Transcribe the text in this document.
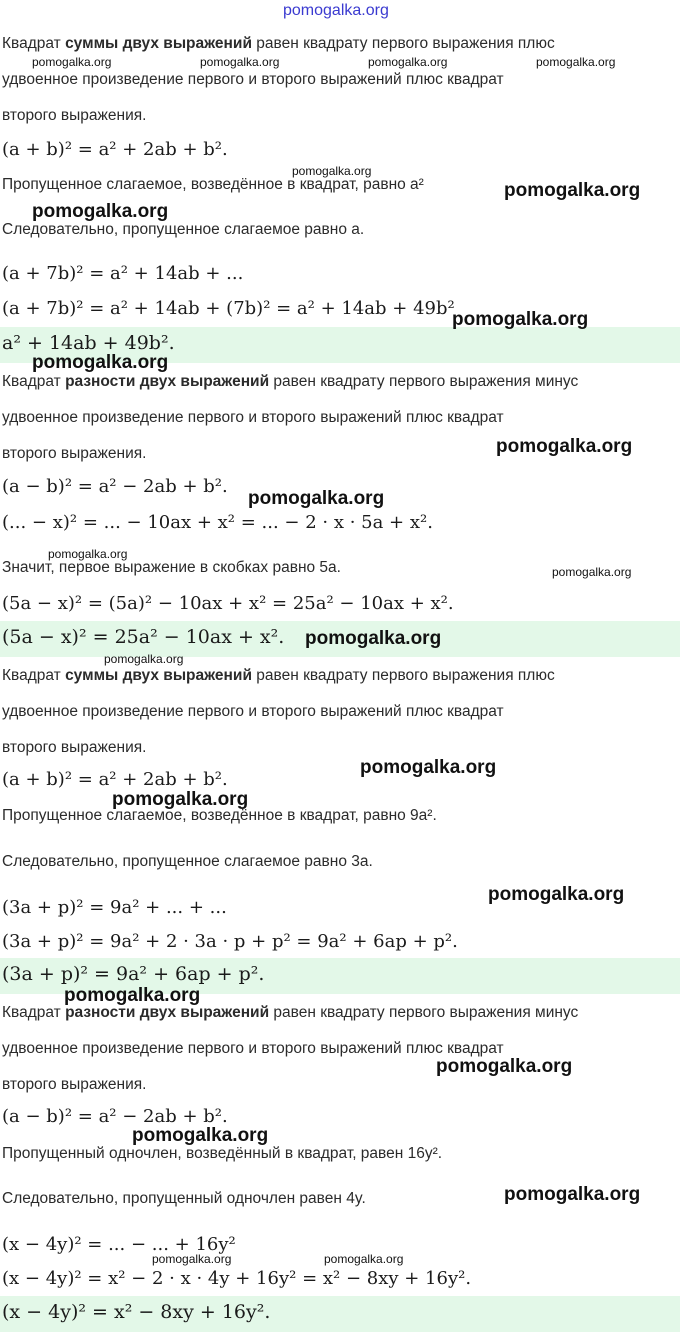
pomogalka.org
Квадрат суммы двух выражений равен квадрату первого выражения плюс
удвоенное произведение первого и второго выражений плюс квадрат
второго выражения.
(a + b)² = a² + 2ab + b².
Пропущенное слагаемое, возведённое в квадрат, равно a²
Следовательно, пропущенное слагаемое равно a.
(a + 7b)² = a² + 14ab + ...
(a + 7b)² = a² + 14ab + (7b)² = a² + 14ab + 49b²
a² + 14ab + 49b².
Квадрат разности двух выражений равен квадрату первого выражения минус
удвоенное произведение первого и второго выражений плюс квадрат
второго выражения.
(a − b)² = a² − 2ab + b².
(... − x)² = ... − 10ax + x² = ... − 2 · x · 5a + x².
Значит, первое выражение в скобках равно 5a.
(5a − x)² = (5a)² − 10ax + x² = 25a² − 10ax + x².
(5a − x)² = 25a² − 10ax + x².
Квадрат суммы двух выражений равен квадрату первого выражения плюс
удвоенное произведение первого и второго выражений плюс квадрат
второго выражения.
(a + b)² = a² + 2ab + b².
Пропущенное слагаемое, возведённое в квадрат, равно 9a².
Следовательно, пропущенное слагаемое равно 3a.
(3a + p)² = 9a² + ... + ...
(3a + p)² = 9a² + 2 · 3a · p + p² = 9a² + 6ap + p².
(3a + p)² = 9a² + 6ap + p².
Квадрат разности двух выражений равен квадрату первого выражения минус
удвоенное произведение первого и второго выражений плюс квадрат
второго выражения.
(a − b)² = a² − 2ab + b².
Пропущенный одночлен, возведённый в квадрат, равен 16y².
Следовательно, пропущенный одночлен равен 4y.
(x − 4y)² = ... − ... + 16y²
(x − 4y)² = x² − 2 · x · 4y + 16y² = x² − 8xy + 16y².
(x − 4y)² = x² − 8xy + 16y².
pomogalka.org	pomogalka.org	pomogalka.org	pomogalka.org
pomogalka.org
pomogalka.org
pomogalka.org
pomogalka.org
pomogalka.org
pomogalka.org
pomogalka.org
pomogalka.org
pomogalka.org
pomogalka.org
pomogalka.org
pomogalka.org
pomogalka.org
pomogalka.org
pomogalka.org
pomogalka.org
pomogalka.org
pomogalka.org
pomogalka.org	pomogalka.org
